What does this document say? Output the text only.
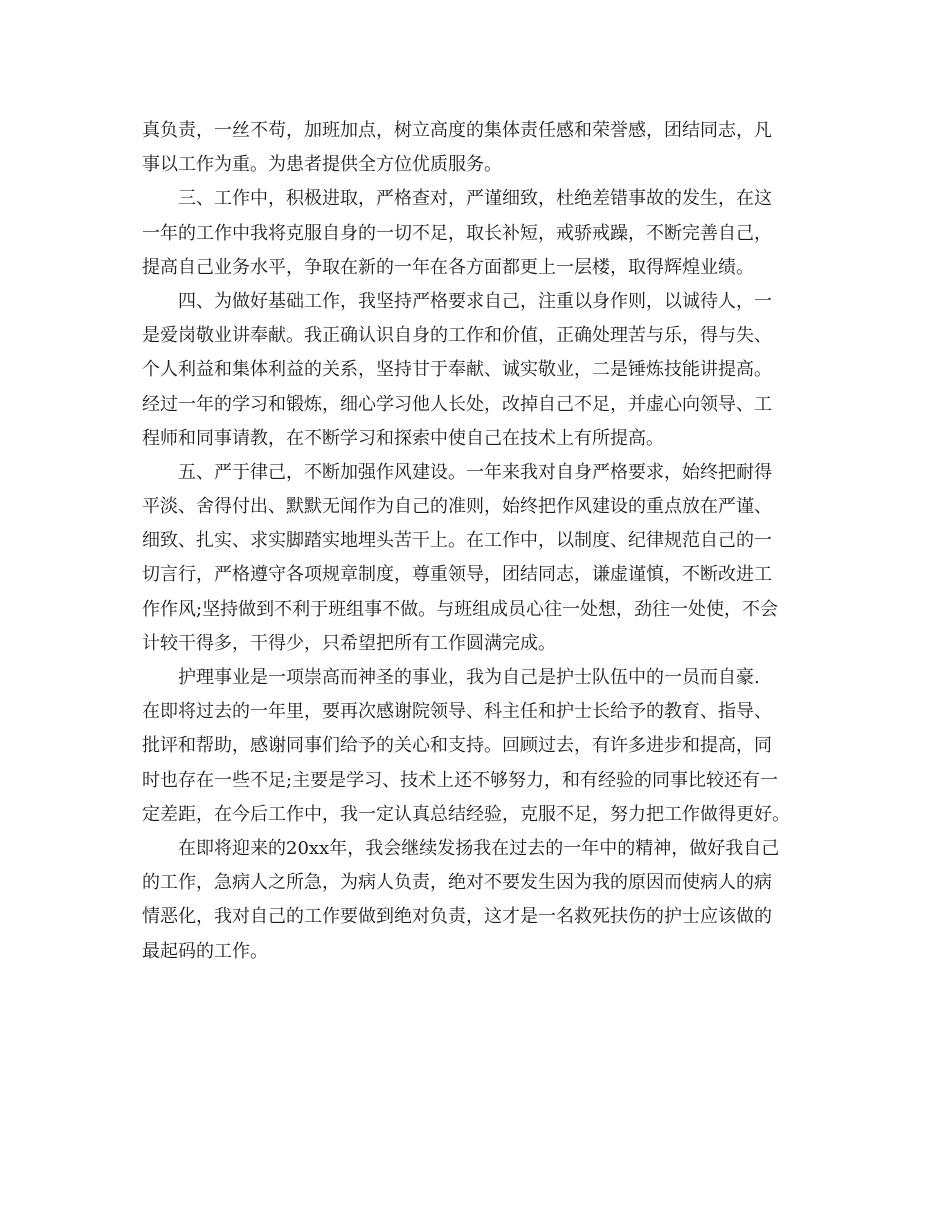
真负责，一丝不苟，加班加点，树立高度的集体责任感和荣誉感，团结同志，凡
事以工作为重。为患者提供全方位优质服务。
三、工作中，积极进取，严格查对，严谨细致，杜绝差错事故的发生，在这
一年的工作中我将克服自身的一切不足，取长补短，戒骄戒躁，不断完善自己，
提高自己业务水平，争取在新的一年在各方面都更上一层楼，取得辉煌业绩。
四、为做好基础工作，我坚持严格要求自己，注重以身作则，以诚待人，一
是爱岗敬业讲奉献。我正确认识自身的工作和价值，正确处理苦与乐，得与失、
个人利益和集体利益的关系，坚持甘于奉献、诚实敬业，二是锤炼技能讲提高。
经过一年的学习和锻炼，细心学习他人长处，改掉自己不足，并虚心向领导、工
程师和同事请教，在不断学习和探索中使自己在技术上有所提高。
五、严于律己，不断加强作风建设。一年来我对自身严格要求，始终把耐得
平淡、舍得付出、默默无闻作为自己的准则，始终把作风建设的重点放在严谨、
细致、扎实、求实脚踏实地埋头苦干上。在工作中，以制度、纪律规范自己的一
切言行，严格遵守各项规章制度，尊重领导，团结同志，谦虚谨慎，不断改进工
作作风;坚持做到不利于班组事不做。与班组成员心往一处想，劲往一处使，不会
计较干得多，干得少，只希望把所有工作圆满完成。
护理事业是一项崇高而神圣的事业，我为自己是护士队伍中的一员而自豪.
在即将过去的一年里，要再次感谢院领导、科主任和护士长给予的教育、指导、
批评和帮助，感谢同事们给予的关心和支持。回顾过去，有许多进步和提高，同
时也存在一些不足;主要是学习、技术上还不够努力，和有经验的同事比较还有一
定差距，在今后工作中，我一定认真总结经验，克服不足，努力把工作做得更好。
在即将迎来的20xx年，我会继续发扬我在过去的一年中的精神，做好我自己
的工作，急病人之所急，为病人负责，绝对不要发生因为我的原因而使病人的病
情恶化，我对自己的工作要做到绝对负责，这才是一名救死扶伤的护士应该做的
最起码的工作。
